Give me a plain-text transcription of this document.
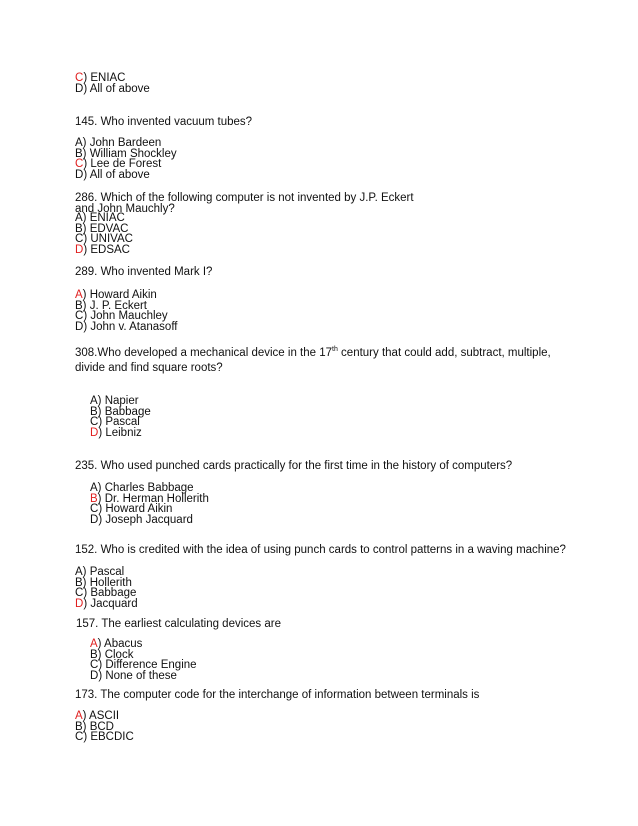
C) ENIAC
D) All of above
145. Who invented vacuum tubes?
A) John Bardeen
B) William Shockley
C) Lee de Forest
D) All of above
286. Which of the following computer is not invented by J.P. Eckert
and John Mauchly?
A) ENIAC
B) EDVAC
C) UNIVAC
D) EDSAC
289. Who invented Mark I?
A) Howard Aikin
B) J. P. Eckert
C) John Mauchley
D) John v. Atanasoff
308.Who developed a mechanical device in the 17th century that could add, subtract, multiple,
divide and find square roots?
A) Napier
B) Babbage
C) Pascal
D) Leibniz
235. Who used punched cards practically for the first time in the history of computers?
A) Charles Babbage
B) Dr. Herman Hollerith
C) Howard Aikin
D) Joseph Jacquard
152. Who is credited with the idea of using punch cards to control patterns in a waving machine?
A) Pascal
B) Hollerith
C) Babbage
D) Jacquard
157. The earliest calculating devices are
A) Abacus
B) Clock
C) Difference Engine
D) None of these
173. The computer code for the interchange of information between terminals is
A) ASCII
B) BCD
C) EBCDIC
